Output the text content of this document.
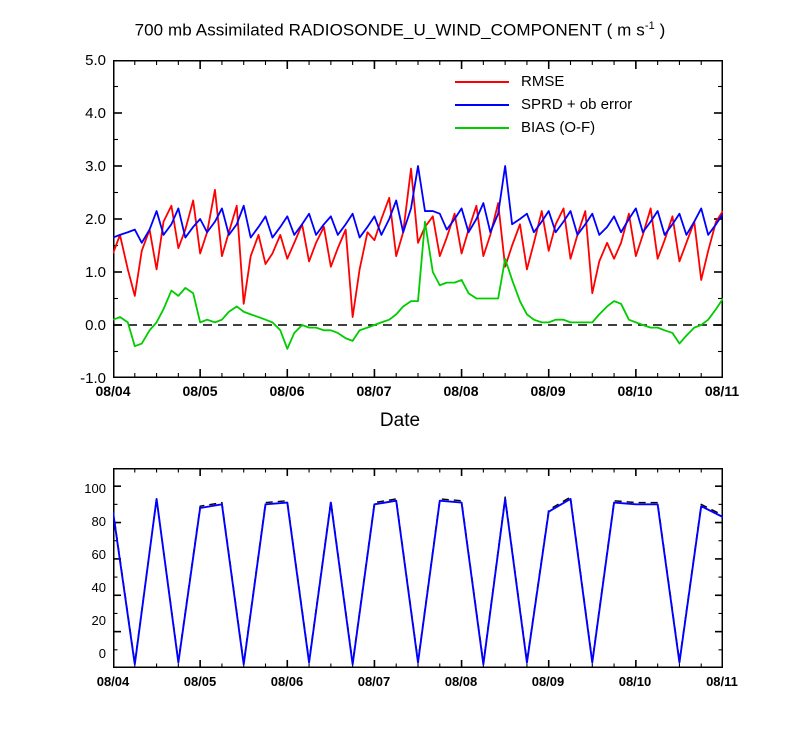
700 mb Assimilated RADIOSONDE_U_WIND_COMPONENT ( m $s^{-1}$ )
5.0
4.0
3.0
2.0
1.0
0.0
-1.0
08/04	08/05	08/06	08/07	08/08	08/09	08/10	08/11
Date
RMSE
SPRD + ob error
BIAS (O-F)
100
80
60
40
20
0
08/04	08/05	08/06	08/07	08/08	08/09	08/10	08/11
